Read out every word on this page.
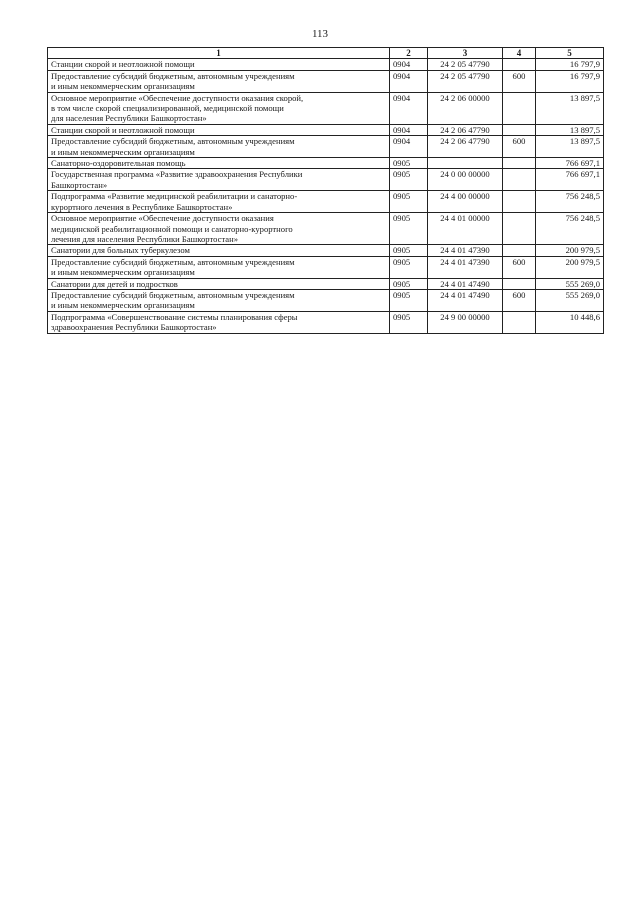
113
1	2	3	4	5
Станции скорой и неотложной помощи	0904	24 2 05 47790		16 797,9
Предоставление субсидий бюджетным, автономным учреждениям
и иным некоммерческим организациям	0904	24 2 05 47790	600	16 797,9
Основное мероприятие «Обеспечение доступности оказания скорой,
в том числе скорой специализированной, медицинской помощи
для населения Республики Башкортостан»	0904	24 2 06 00000		13 897,5
Станции скорой и неотложной помощи	0904	24 2 06 47790		13 897,5
Предоставление субсидий бюджетным, автономным учреждениям
и иным некоммерческим организациям	0904	24 2 06 47790	600	13 897,5
Санаторно-оздоровительная помощь	0905			766 697,1
Государственная программа «Развитие здравоохранения Республики
Башкортостан»	0905	24 0 00 00000		766 697,1
Подпрограмма «Развитие медицинской реабилитации и санаторно-
курортного лечения в Республике Башкортостан»	0905	24 4 00 00000		756 248,5
Основное мероприятие «Обеспечение доступности оказания
медицинской реабилитационной помощи и санаторно-курортного
лечения для населения Республики Башкортостан»	0905	24 4 01 00000		756 248,5
Санатории для больных туберкулезом	0905	24 4 01 47390		200 979,5
Предоставление субсидий бюджетным, автономным учреждениям
и иным некоммерческим организациям	0905	24 4 01 47390	600	200 979,5
Санатории для детей и подростков	0905	24 4 01 47490		555 269,0
Предоставление субсидий бюджетным, автономным учреждениям
и иным некоммерческим организациям	0905	24 4 01 47490	600	555 269,0
Подпрограмма «Совершенствование системы планирования сферы
здравоохранения Республики Башкортостан»	0905	24 9 00 00000		10 448,6
